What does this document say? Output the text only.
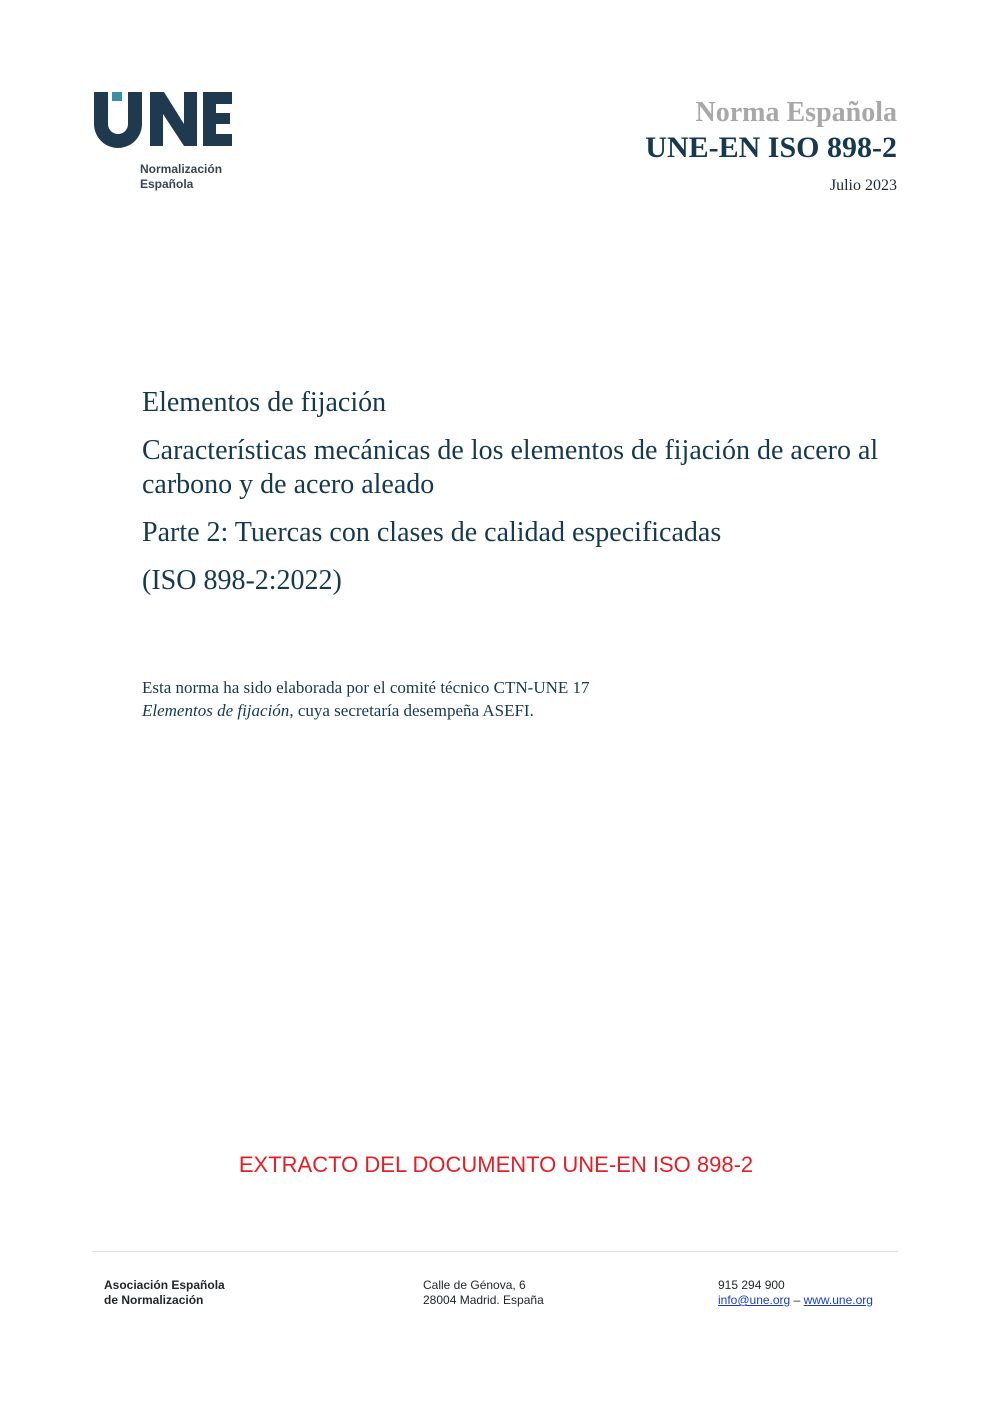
Normalización
Española
Norma Española
UNE-EN ISO 898-2
Julio 2023

Elementos de fijación

Características mecánicas de los elementos de fijación de acero al carbono y de acero aleado

Parte 2: Tuercas con clases de calidad especificadas

(ISO 898-2:2022)

Esta norma ha sido elaborada por el comité técnico CTN-UNE 17 Elementos de fijación, cuya secretaría desempeña ASEFI.
EXTRACTO DEL DOCUMENTO UNE-EN ISO 898-2
Asociación Española
de Normalización
Calle de Génova, 6
28004 Madrid. España
915 294 900
info@une.org – www.une.org
